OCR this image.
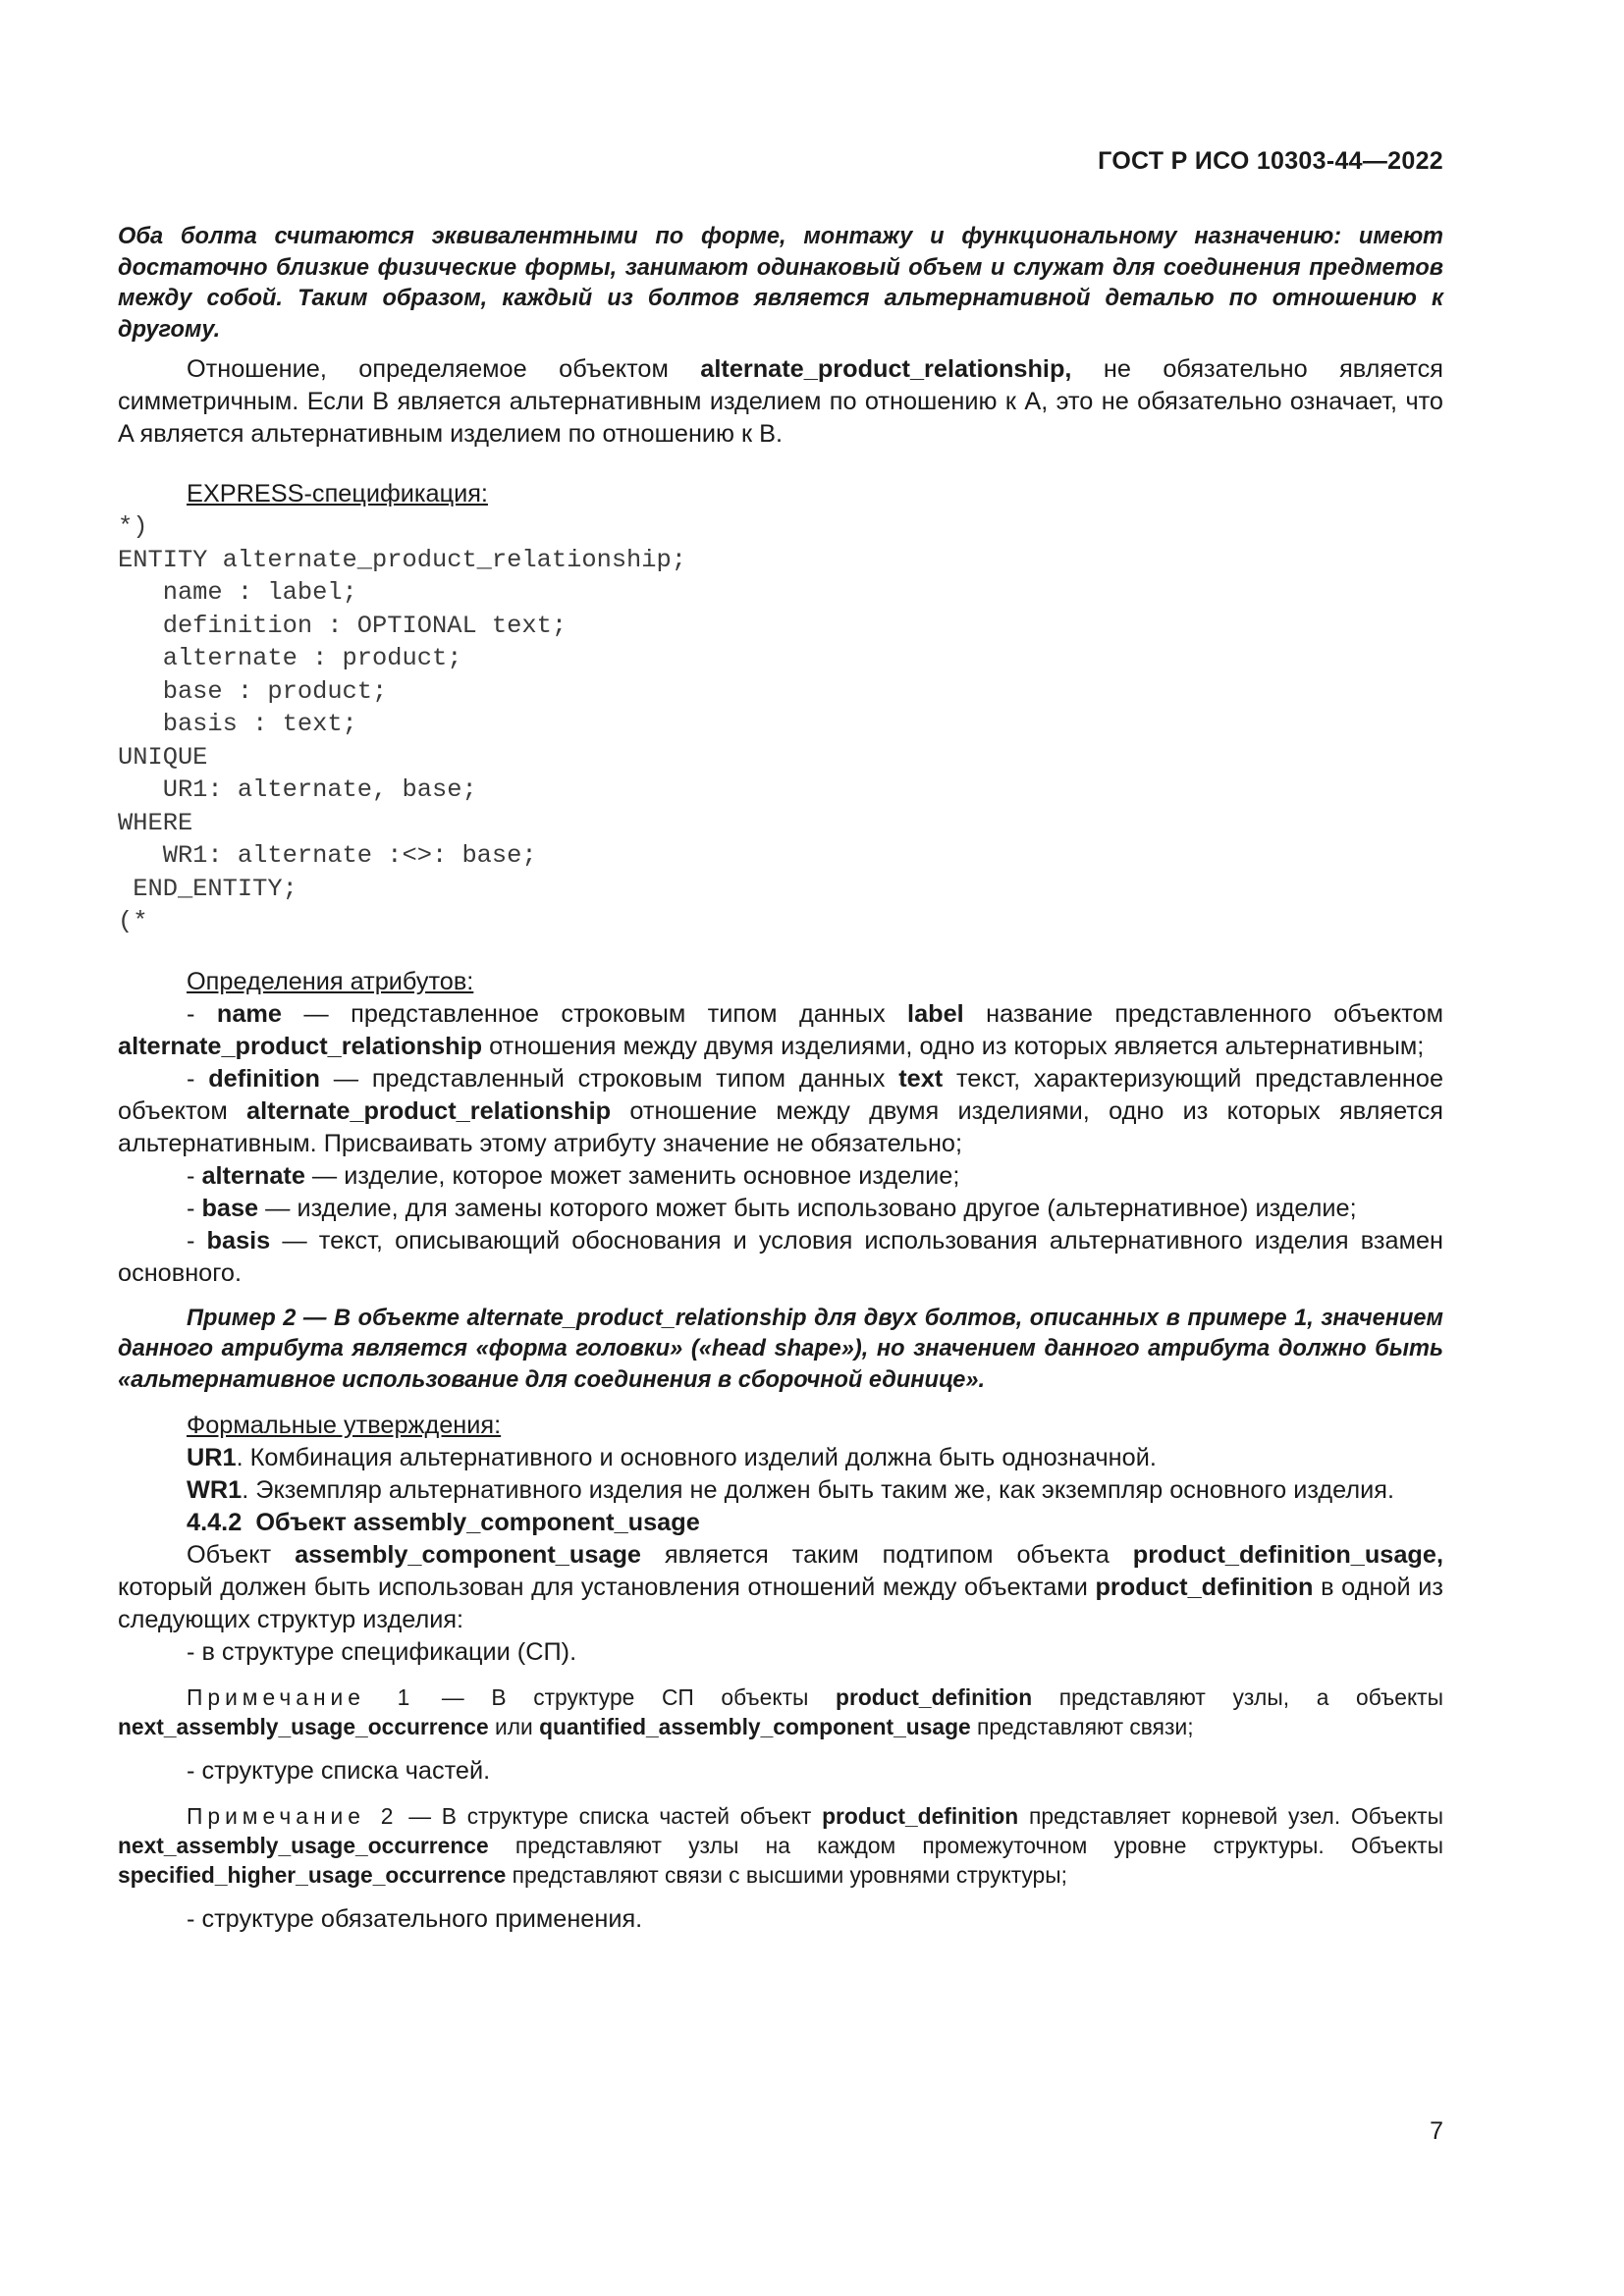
ГОСТ Р ИСО 10303-44—2022

Оба болта считаются эквивалентными по форме, монтажу и функциональному назначению: имеют достаточно близкие физические формы, занимают одинаковый объем и служат для соединения предметов между собой. Таким образом, каждый из болтов является альтернативной деталью по отношению к другому.

Отношение, определяемое объектом alternate_product_relationship, не обязательно является симметричным. Если B является альтернативным изделием по отношению к A, это не обязательно означает, что A является альтернативным изделием по отношению к B.

EXPRESS-спецификация:

*)
ENTITY alternate_product_relationship;
name : label;
definition : OPTIONAL text;
alternate : product;
base : product;
basis : text;
UNIQUE
UR1: alternate, base;
WHERE
WR1: alternate :<>: base;
END_ENTITY;
(*

Определения атрибутов:

- name — представленное строковым типом данных label название представленного объектом alternate_product_relationship отношения между двумя изделиями, одно из которых является альтернативным;

- definition — представленный строковым типом данных text текст, характеризующий представленное объектом alternate_product_relationship отношение между двумя изделиями, одно из которых является альтернативным. Присваивать этому атрибуту значение не обязательно;

- alternate — изделие, которое может заменить основное изделие;

- base — изделие, для замены которого может быть использовано другое (альтернативное) изделие;

- basis — текст, описывающий обоснования и условия использования альтернативного изделия взамен основного.

Пример 2 — В объекте alternate_product_relationship для двух болтов, описанных в примере 1, значением данного атрибута является «форма головки» («head shape»), но значением данного атрибута должно быть «альтернативное использование для соединения в сборочной единице».

Формальные утверждения:

UR1. Комбинация альтернативного и основного изделий должна быть однозначной.

WR1. Экземпляр альтернативного изделия не должен быть таким же, как экземпляр основного изделия.

4.4.2 Объект assembly_component_usage

Объект assembly_component_usage является таким подтипом объекта product_definition_usage, который должен быть использован для установления отношений между объектами product_definition в одной из следующих структур изделия:

- в структуре спецификации (СП).

Примечание 1 — В структуре СП объекты product_definition представляют узлы, а объекты next_assembly_usage_occurrence или quantified_assembly_component_usage представляют связи;

- структуре списка частей.

Примечание 2 — В структуре списка частей объект product_definition представляет корневой узел. Объекты next_assembly_usage_occurrence представляют узлы на каждом промежуточном уровне структуры. Объекты specified_higher_usage_occurrence представляют связи с высшими уровнями структуры;

- структуре обязательного применения.

7
